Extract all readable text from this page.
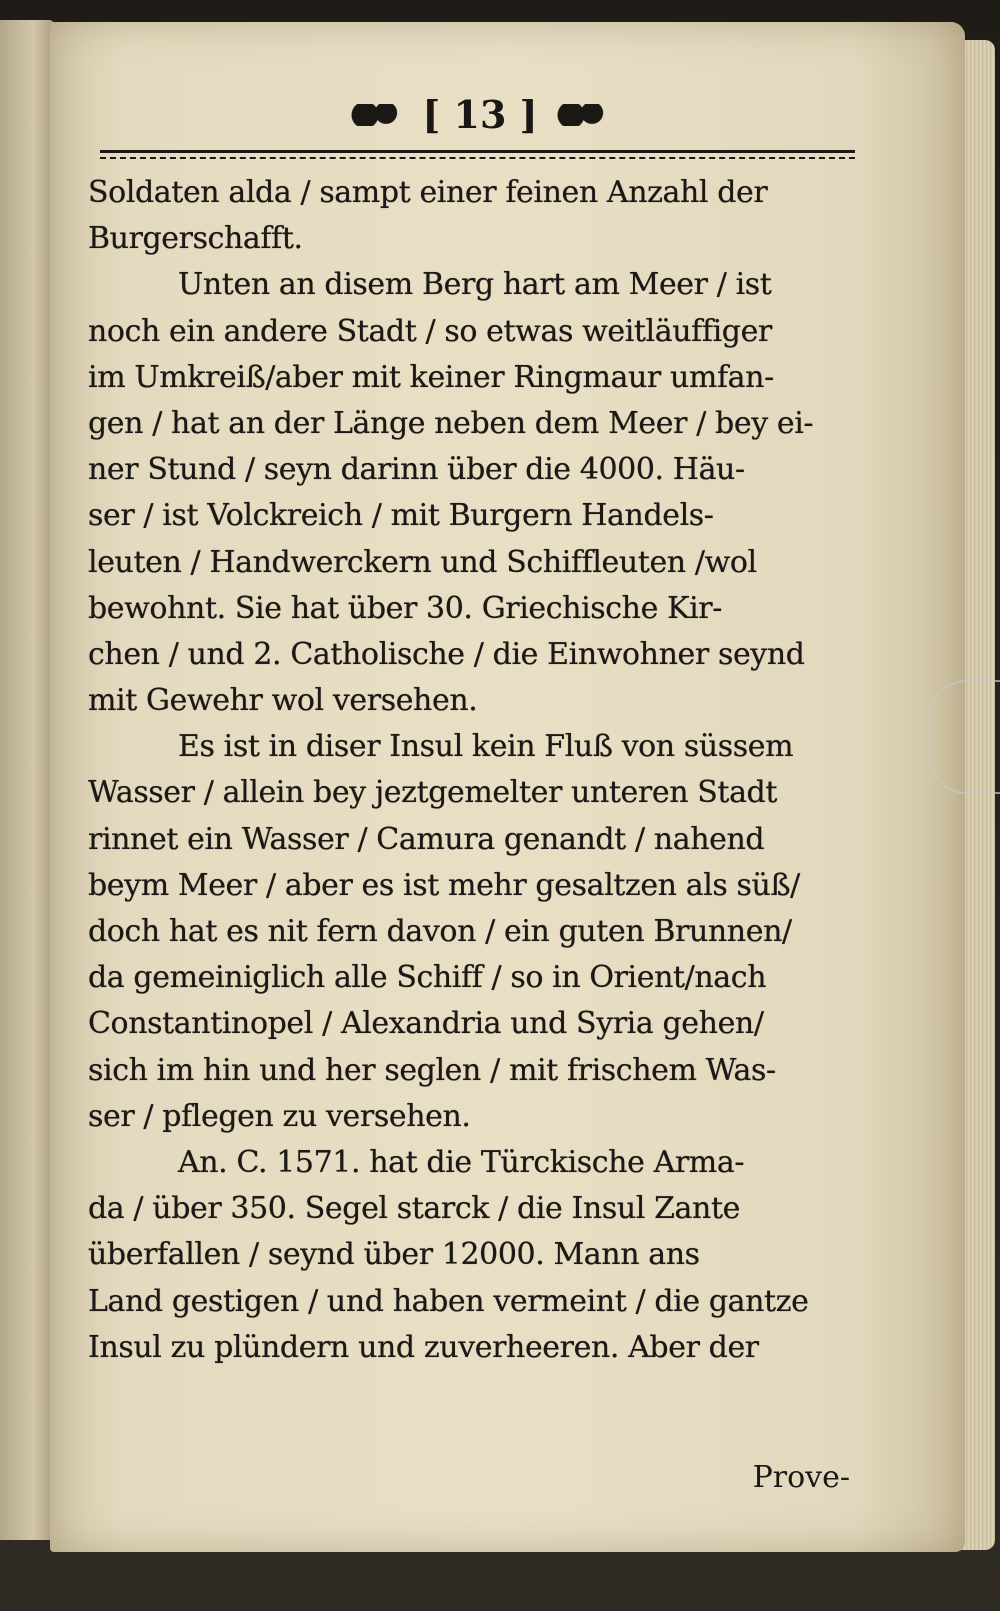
[ 13 ]
Soldaten alda / sampt einer feinen Anzahl der
Burgerschafft.
Unten an disem Berg hart am Meer / ist
noch ein andere Stadt / so etwas weitläuffiger
im Umkreiß/aber mit keiner Ringmaur umfan-
gen / hat an der Länge neben dem Meer / bey ei-
ner Stund / seyn darinn über die 4000. Häu-
ser / ist Volckreich / mit Burgern Handels-
leuten / Handwerckern und Schiffleuten /wol
bewohnt. Sie hat über 30. Griechische Kir-
chen / und 2. Catholische / die Einwohner seynd
mit Gewehr wol versehen.
Es ist in diser Insul kein Fluß von süssem
Wasser / allein bey jeztgemelter unteren Stadt
rinnet ein Wasser / Camura genandt / nahend
beym Meer / aber es ist mehr gesaltzen als süß/
doch hat es nit fern davon / ein guten Brunnen/
da gemeiniglich alle Schiff / so in Orient/nach
Constantinopel / Alexandria und Syria gehen/
sich im hin und her seglen / mit frischem Was-
ser / pflegen zu versehen.
An. C. 1571. hat die Türckische Arma-
da / über 350. Segel starck / die Insul Zante
überfallen / seynd über 12000. Mann ans
Land gestigen / und haben vermeint / die gantze
Insul zu plündern und zuverheeren. Aber der
Prove-
